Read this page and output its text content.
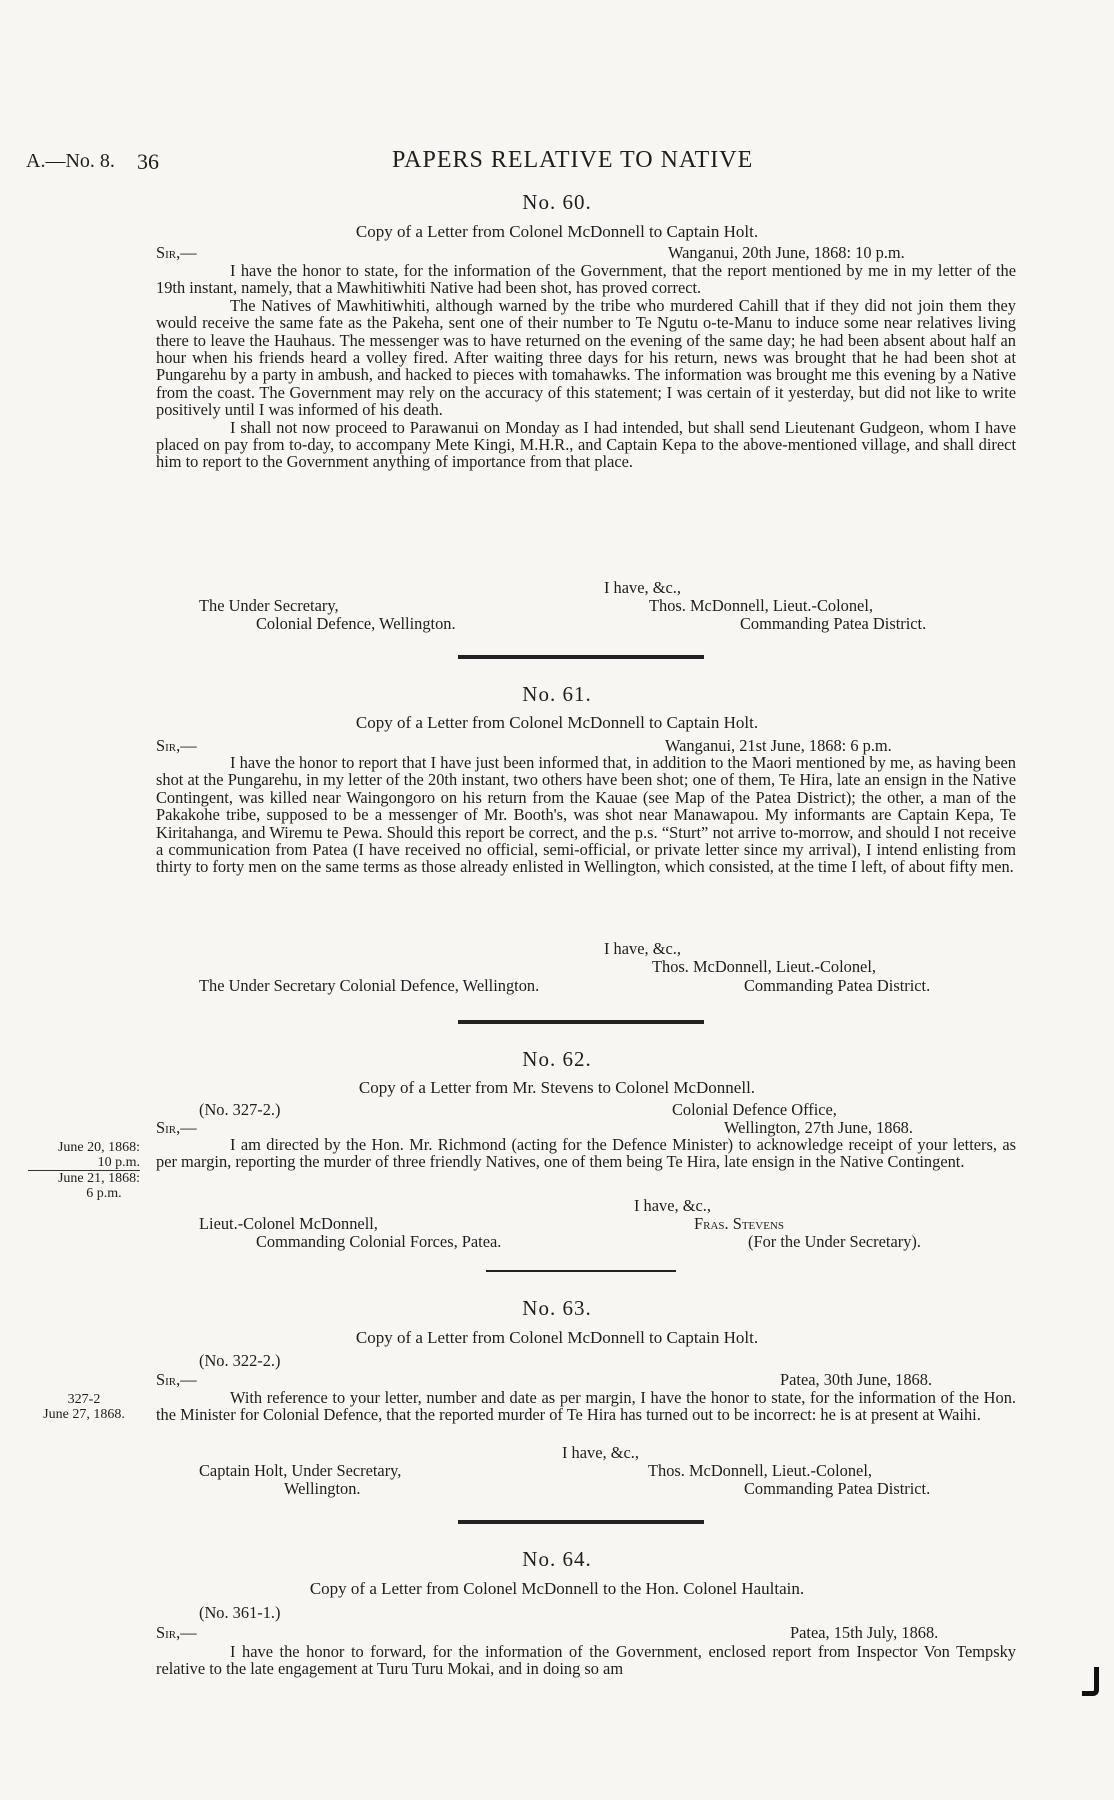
A.—No. 8. 36	PAPERS RELATIVE TO NATIVE
No. 60.
Copy of a Letter from Colonel McDonnell to Captain Holt.
Sir,—	Wanganui, 20th June, 1868: 10 p.m.

I have the honor to state, for the information of the Government, that the report mentioned by me in my letter of the 19th instant, namely, that a Mawhitiwhiti Native had been shot, has proved correct.

The Natives of Mawhitiwhiti, although warned by the tribe who murdered Cahill that if they did not join them they would receive the same fate as the Pakeha, sent one of their number to Te Ngutu o-te-Manu to induce some near relatives living there to leave the Hauhaus. The messenger was to have returned on the evening of the same day; he had been absent about half an hour when his friends heard a volley fired. After waiting three days for his return, news was brought that he had been shot at Pungarehu by a party in ambush, and hacked to pieces with tomahawks. The information was brought me this evening by a Native from the coast. The Government may rely on the accuracy of this statement; I was certain of it yesterday, but did not like to write positively until I was informed of his death.

I shall not now proceed to Parawanui on Monday as I had intended, but shall send Lieutenant Gudgeon, whom I have placed on pay from to-day, to accompany Mete Kingi, M.H.R., and Captain Kepa to the above-mentioned village, and shall direct him to report to the Government anything of importance from that place.

I have, &c.,
The Under Secretary,	Thos. McDonnell, Lieut.-Colonel,
Colonial Defence, Wellington.	Commanding Patea District.
No. 61.
Copy of a Letter from Colonel McDonnell to Captain Holt.
Sir,—	Wanganui, 21st June, 1868: 6 p.m.

I have the honor to report that I have just been informed that, in addition to the Maori mentioned by me, as having been shot at the Pungarehu, in my letter of the 20th instant, two others have been shot; one of them, Te Hira, late an ensign in the Native Contingent, was killed near Waingongoro on his return from the Kauae (see Map of the Patea District); the other, a man of the Pakakohe tribe, supposed to be a messenger of Mr. Booth's, was shot near Manawapou. My informants are Captain Kepa, Te Kiritahanga, and Wiremu te Pewa. Should this report be correct, and the p.s. “Sturt” not arrive to-morrow, and should I not receive a communication from Patea (I have received no official, semi-official, or private letter since my arrival), I intend enlisting from thirty to forty men on the same terms as those already enlisted in Wellington, which consisted, at the time I left, of about fifty men.

I have, &c.,
Thos. McDonnell, Lieut.-Colonel,
The Under Secretary Colonial Defence, Wellington.	Commanding Patea District.
No. 62.
Copy of a Letter from Mr. Stevens to Colonel McDonnell.
(No. 327-2.)	Colonial Defence Office,
Sir,—	Wellington, 27th June, 1868.
June 20, 1868:
10 p.m.
June 21, 1868:
6 p.m.

I am directed by the Hon. Mr. Richmond (acting for the Defence Minister) to acknowledge receipt of your letters, as per margin, reporting the murder of three friendly Natives, one of them being Te Hira, late ensign in the Native Contingent.

I have, &c.,
Lieut.-Colonel McDonnell,	Fras. Stevens
Commanding Colonial Forces, Patea.	(For the Under Secretary).
No. 63.
Copy of a Letter from Colonel McDonnell to Captain Holt.
(No. 322-2.)
Sir,—	Patea, 30th June, 1868.
327-2
June 27, 1868.

With reference to your letter, number and date as per margin, I have the honor to state, for the information of the Hon. the Minister for Colonial Defence, that the reported murder of Te Hira has turned out to be incorrect: he is at present at Waihi.

I have, &c.,
Captain Holt, Under Secretary,	Thos. McDonnell, Lieut.-Colonel,
Wellington.	Commanding Patea District.
No. 64.
Copy of a Letter from Colonel McDonnell to the Hon. Colonel Haultain.
(No. 361-1.)
Sir,—	Patea, 15th July, 1868.

I have the honor to forward, for the information of the Government, enclosed report from Inspector Von Tempsky relative to the late engagement at Turu Turu Mokai, and in doing so am
